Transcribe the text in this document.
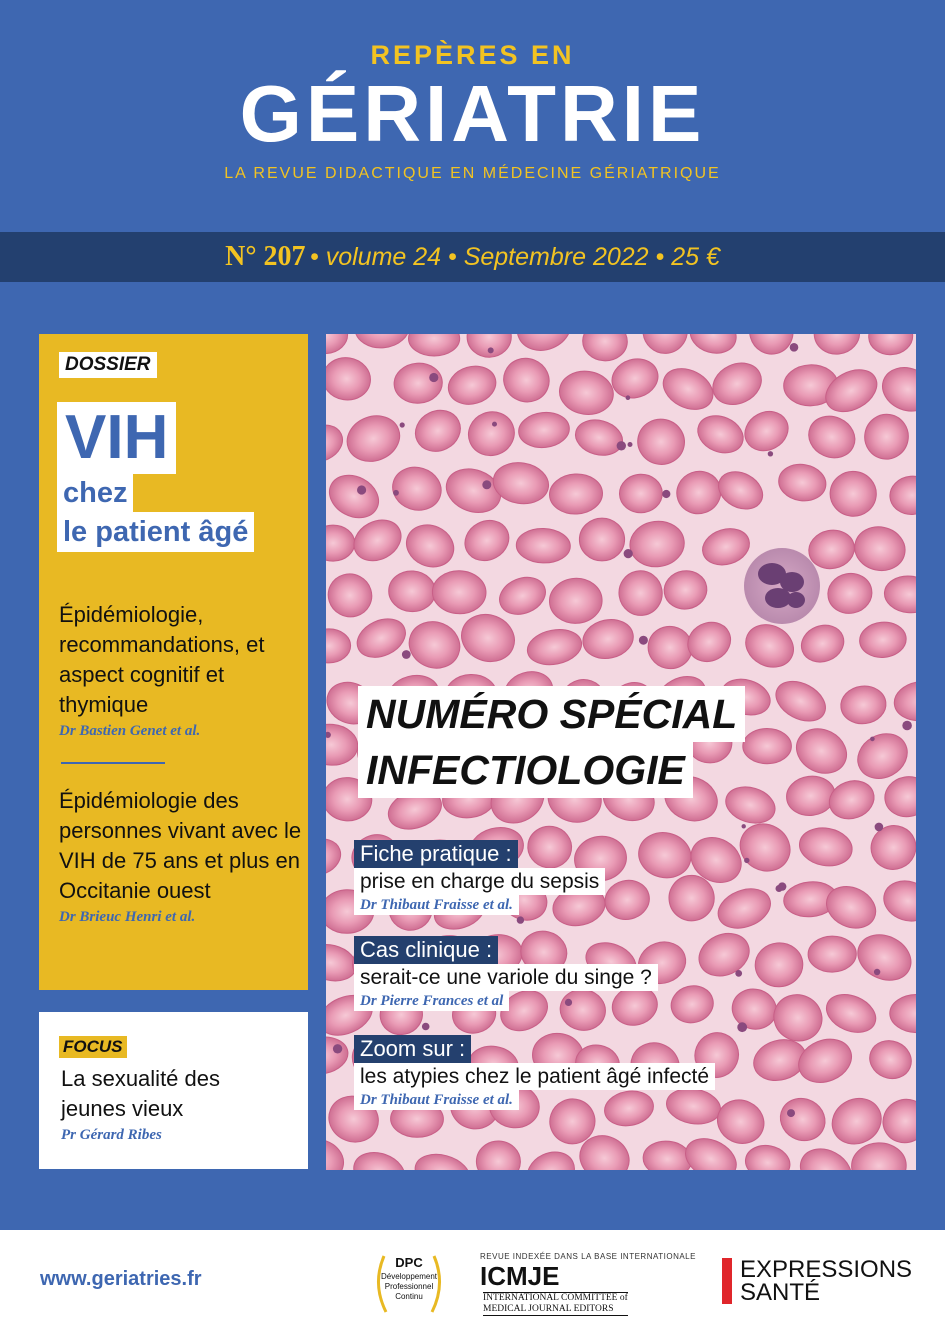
REPÈRES EN
GÉRIATRIE
LA REVUE DIDACTIQUE EN MÉDECINE GÉRIATRIQUE
N° 207 • volume 24 • Septembre 2022 • 25 €
DOSSIER
VIH
chez
le patient âgé
Épidémiologie, recommandations, et aspect cognitif et thymique
Dr Bastien Genet et al.
Épidémiologie des personnes vivant avec le VIH de 75 ans et plus en Occitanie ouest
Dr Brieuc Henri et al.
FOCUS
La sexualité des jeunes vieux
Pr Gérard Ribes
NUMÉRO SPÉCIAL
INFECTIOLOGIE
Fiche pratique :
prise en charge du sepsis
Dr Thibaut Fraisse et al.
Cas clinique :
serait-ce une variole du singe ?
Dr Pierre Frances et al
Zoom sur :
les atypies chez le patient âgé infecté
Dr Thibaut Fraisse et al.
www.geriatries.fr
DPC
Développement
Professionnel
Continu
REVUE INDEXÉE DANS LA BASE INTERNATIONALE
ICMJEINTERNATIONAL COMMITTEE of
MEDICAL JOURNAL EDITORS
EXPRESSIONS
SANTÉ
